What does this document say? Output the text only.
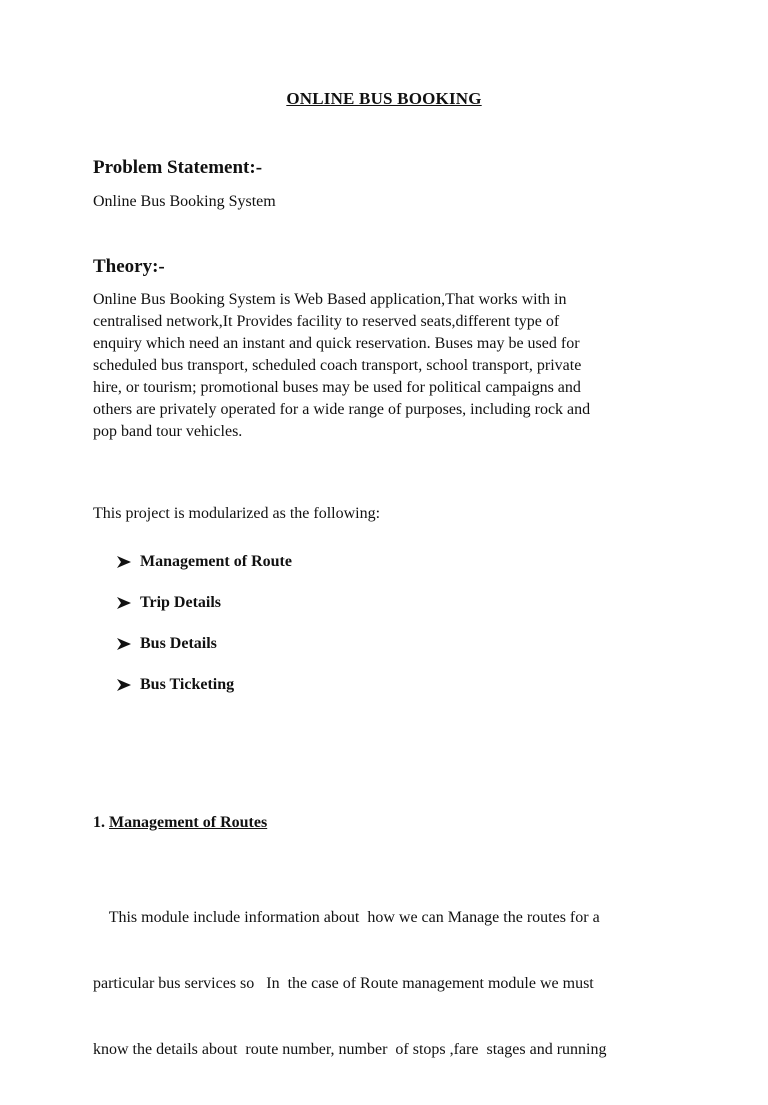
ONLINE BUS BOOKING
Problem Statement:-

Online Bus Booking System

Theory:-
Online Bus Booking System is Web Based application,That works with in
centralised network,It Provides facility to reserved seats,different type of
enquiry which need an instant and quick reservation. Buses may be used for
scheduled bus transport, scheduled coach transport, school transport, private
hire, or tourism; promotional buses may be used for political campaigns and
others are privately operated for a wide range of purposes, including rock and
pop band tour vehicles.

This project is modularized as the following:

Management of Route
Trip Details
Bus Details
Bus Ticketing
1. Management of Routes

This module include information about  how we can Manage the routes for a

particular bus services so   In  the case of Route management module we must

know the details about  route number, number  of stops ,fare  stages and running
